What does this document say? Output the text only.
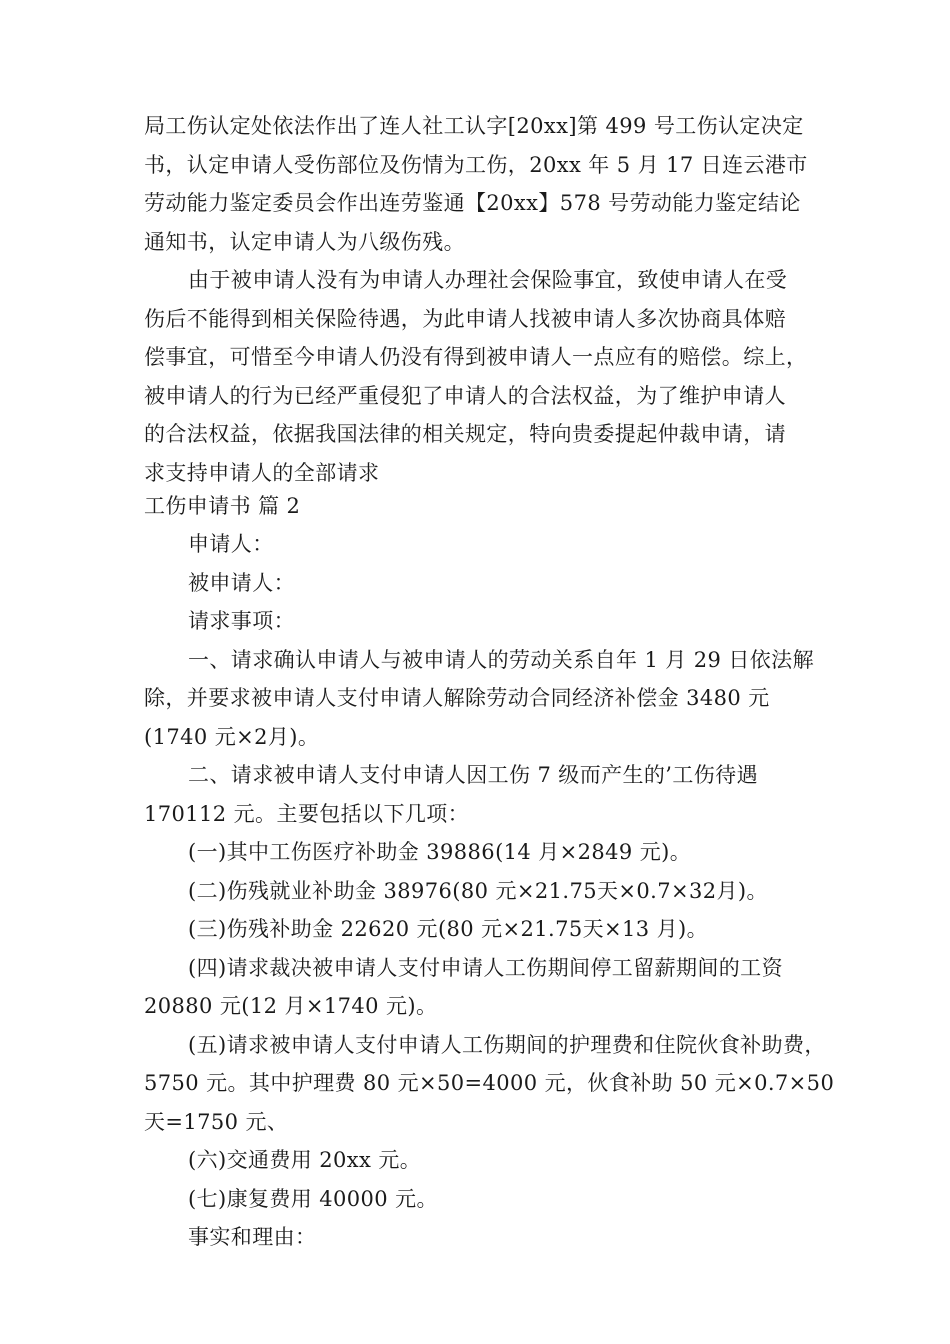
局工伤认定处依法作出了连人社工认字[20xx]第 499 号工伤认定决定
书，认定申请人受伤部位及伤情为工伤，20xx 年 5 月 17 日连云港市
劳动能力鉴定委员会作出连劳鉴通【20xx】578 号劳动能力鉴定结论
通知书，认定申请人为八级伤残。
由于被申请人没有为申请人办理社会保险事宜，致使申请人在受
伤后不能得到相关保险待遇，为此申请人找被申请人多次协商具体赔
偿事宜，可惜至今申请人仍没有得到被申请人一点应有的赔偿。综上，
被申请人的行为已经严重侵犯了申请人的合法权益，为了维护申请人
的合法权益，依据我国法律的相关规定，特向贵委提起仲裁申请，请
求支持申请人的全部请求
工伤申请书 篇 2
申请人：
被申请人：
请求事项：
一、请求确认申请人与被申请人的劳动关系自年 1 月 29 日依法解
除，并要求被申请人支付申请人解除劳动合同经济补偿金 3480 元
(1740 元×2月)。
二、请求被申请人支付申请人因工伤 7 级而产生的’工伤待遇
170112 元。主要包括以下几项：
(一)其中工伤医疗补助金 39886(14 月×2849 元)。
(二)伤残就业补助金 38976(80 元×21.75天×0.7×32月)。
(三)伤残补助金 22620 元(80 元×21.75天×13 月)。
(四)请求裁决被申请人支付申请人工伤期间停工留薪期间的工资
20880 元(12 月×1740 元)。
(五)请求被申请人支付申请人工伤期间的护理费和住院伙食补助费，
5750 元。其中护理费 80 元×50=4000 元，伙食补助 50 元×0.7×50
天=1750 元、
(六)交通费用 20xx 元。
(七)康复费用 40000 元。
事实和理由：
